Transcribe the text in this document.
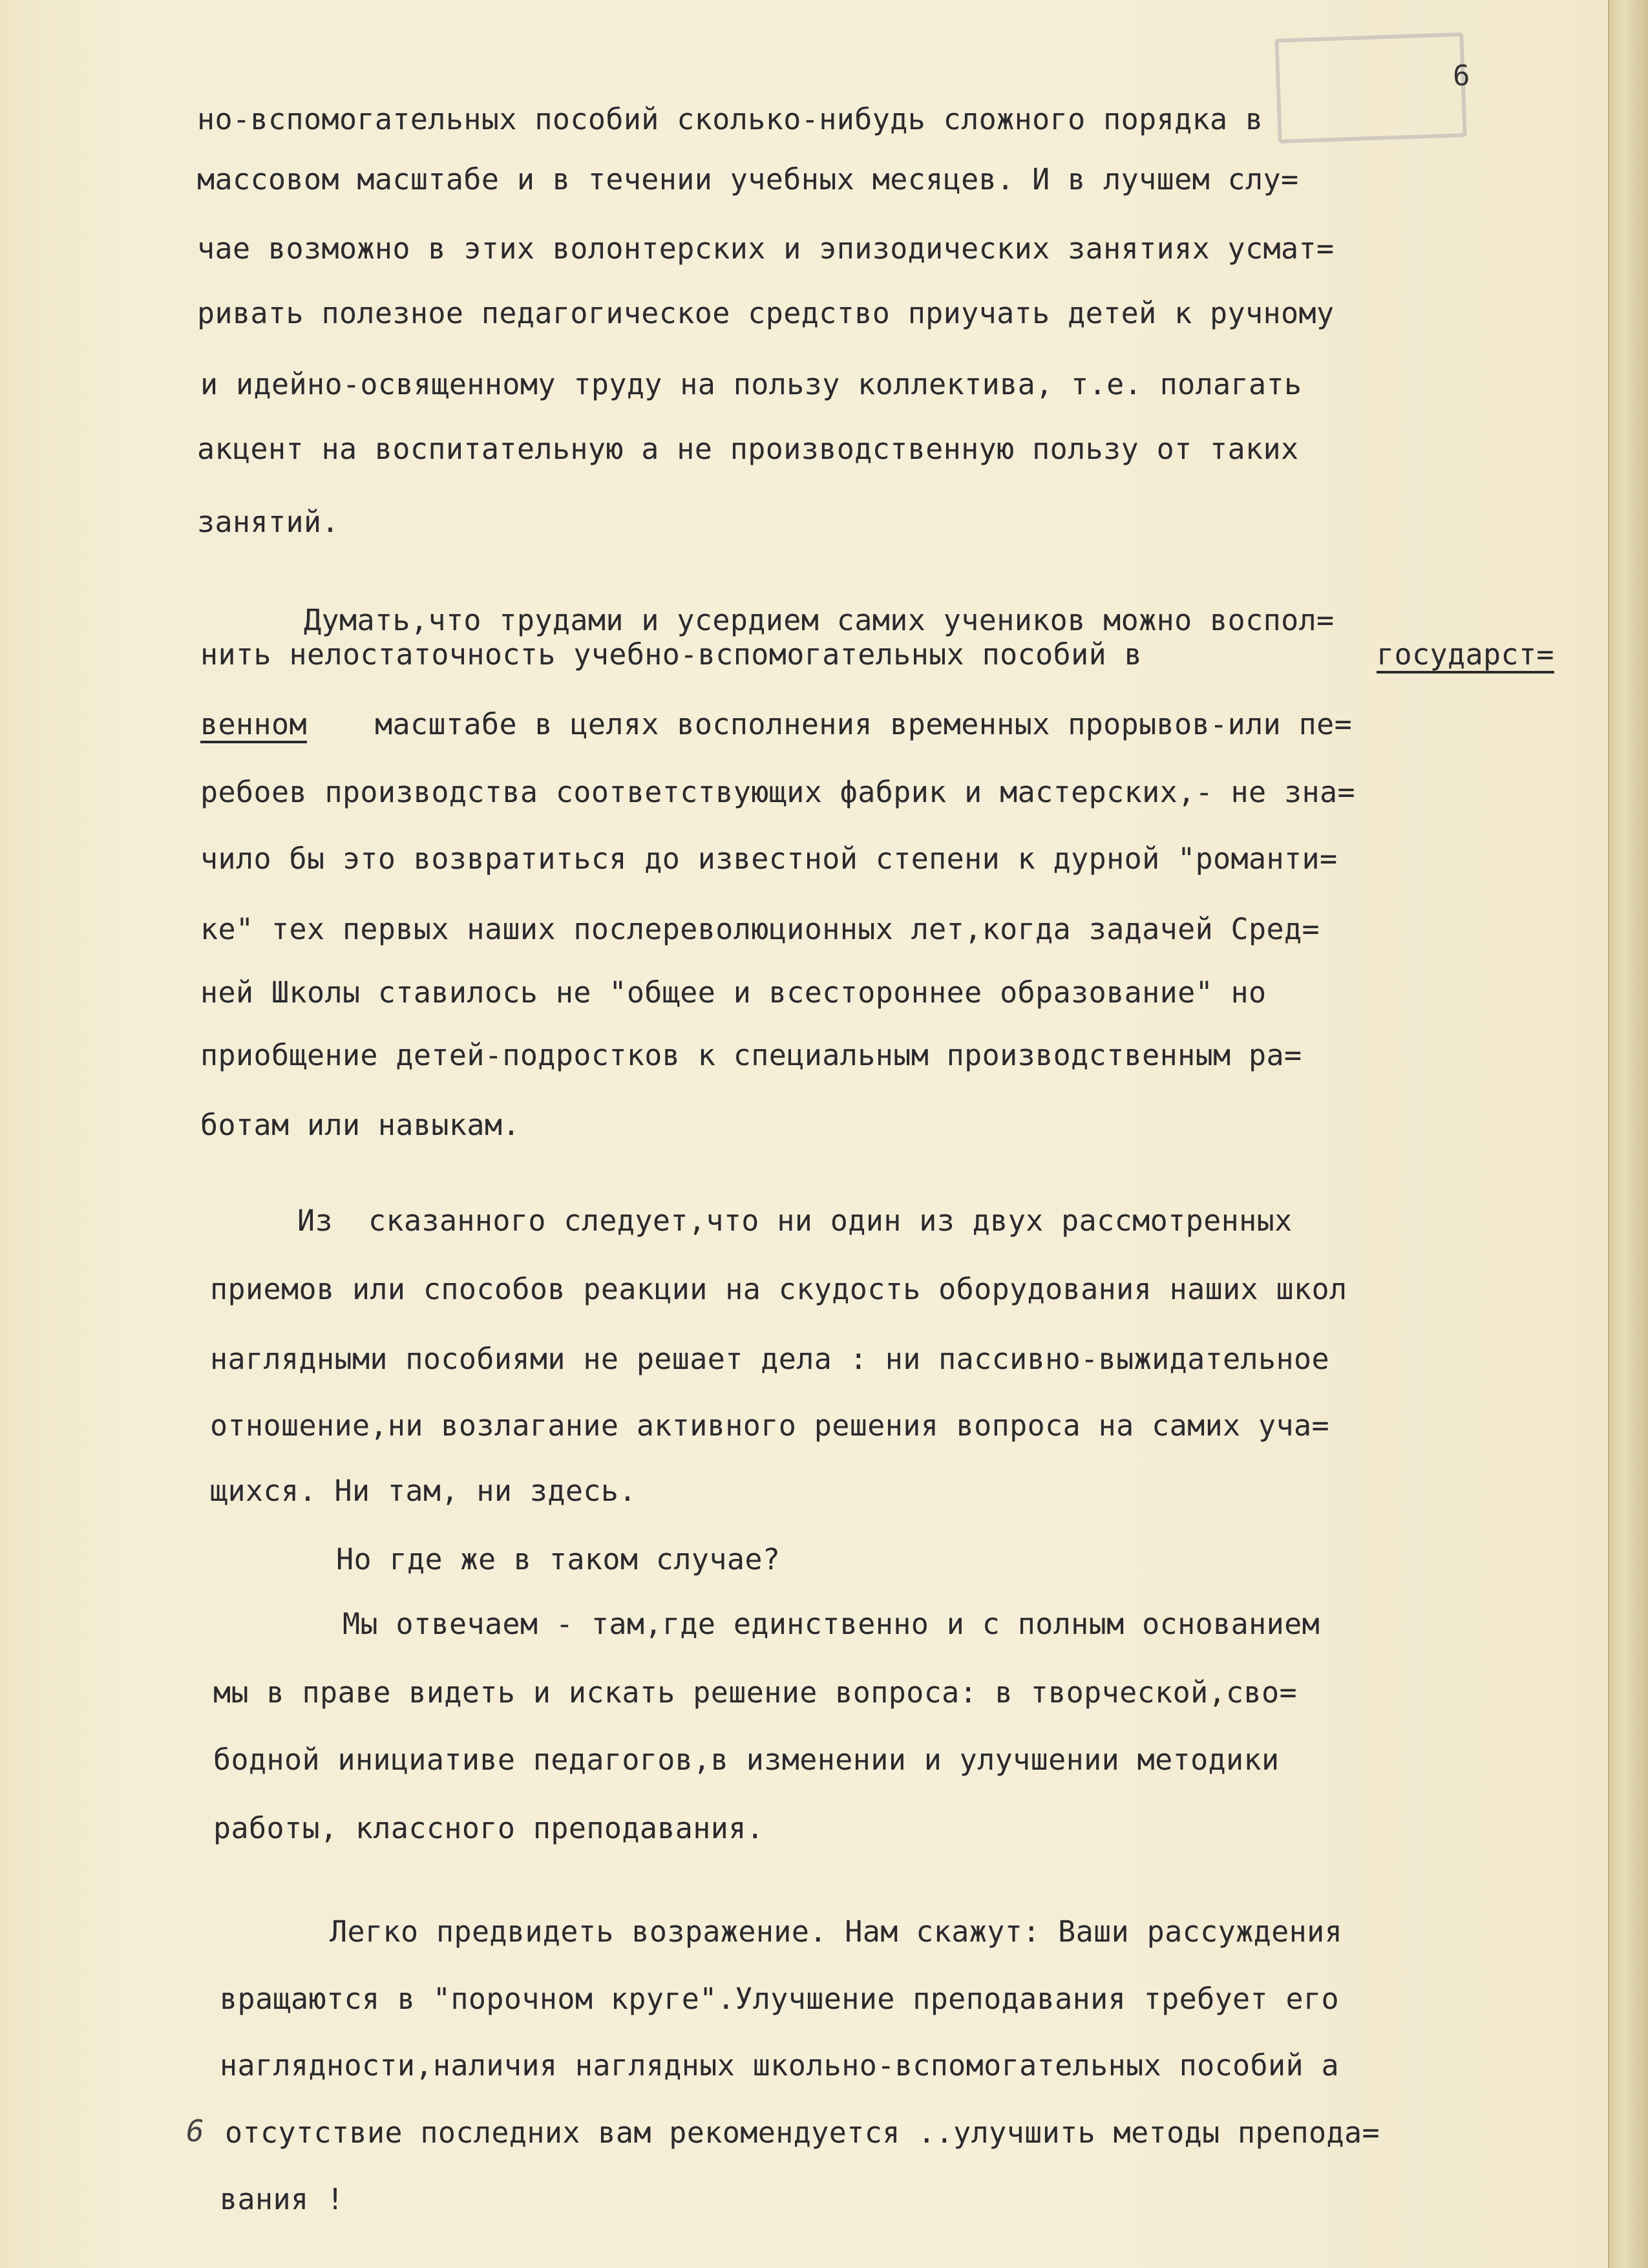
6
6
но-вспомогательных пособий сколько-нибудь сложного порядка в
массовом масштабе и в течении учебных месяцев. И в лучшем слу=
чае возможно в этих волонтерских и эпизодических занятиях усмат=
ривать полезное педагогическое средство приучать детей к ручному
и идейно-освященному труду на пользу коллектива, т.е. полагать
акцент на воспитательную а не производственную пользу от таких
занятий.
Думать,что трудами и усердием самих учеников можно воспол=
нить нелостаточность учебно-вспомогательных пособий в	государст=
венном масштабе в целях восполнения временных прорывов-или пе=
ребоев производства соответствующих фабрик и мастерских,- не зна=
чило бы это возвратиться до известной степени к дурной "романти=
ке" тех первых наших послереволюционных лет,когда задачей Сред=
ней Школы ставилось не "общее и всестороннее образование" но
приобщение детей-подростков к специальным производственным ра=
ботам или навыкам.
Из  сказанного следует,что ни один из двух рассмотренных
приемов или способов реакции на скудость оборудования наших школ
наглядными пособиями не решает дела : ни пассивно-выжидательное
отношение,ни возлагание активного решения вопроса на самих уча=
щихся. Ни там, ни здесь.
Но где же в таком случае?
Мы отвечаем - там,где единственно и с полным основанием
мы в праве видеть и искать решение вопроса: в творческой,сво=
бодной инициативе педагогов,в изменении и улучшении методики
работы, классного преподавания.
Легко предвидеть возражение. Нам скажут: Ваши рассуждения
вращаются в "порочном круге".Улучшение преподавания требует его
наглядности,наличия наглядных школьно-вспомогательных пособий а
отсутствие последних вам рекомендуется ..улучшить методы препода=
вания !
